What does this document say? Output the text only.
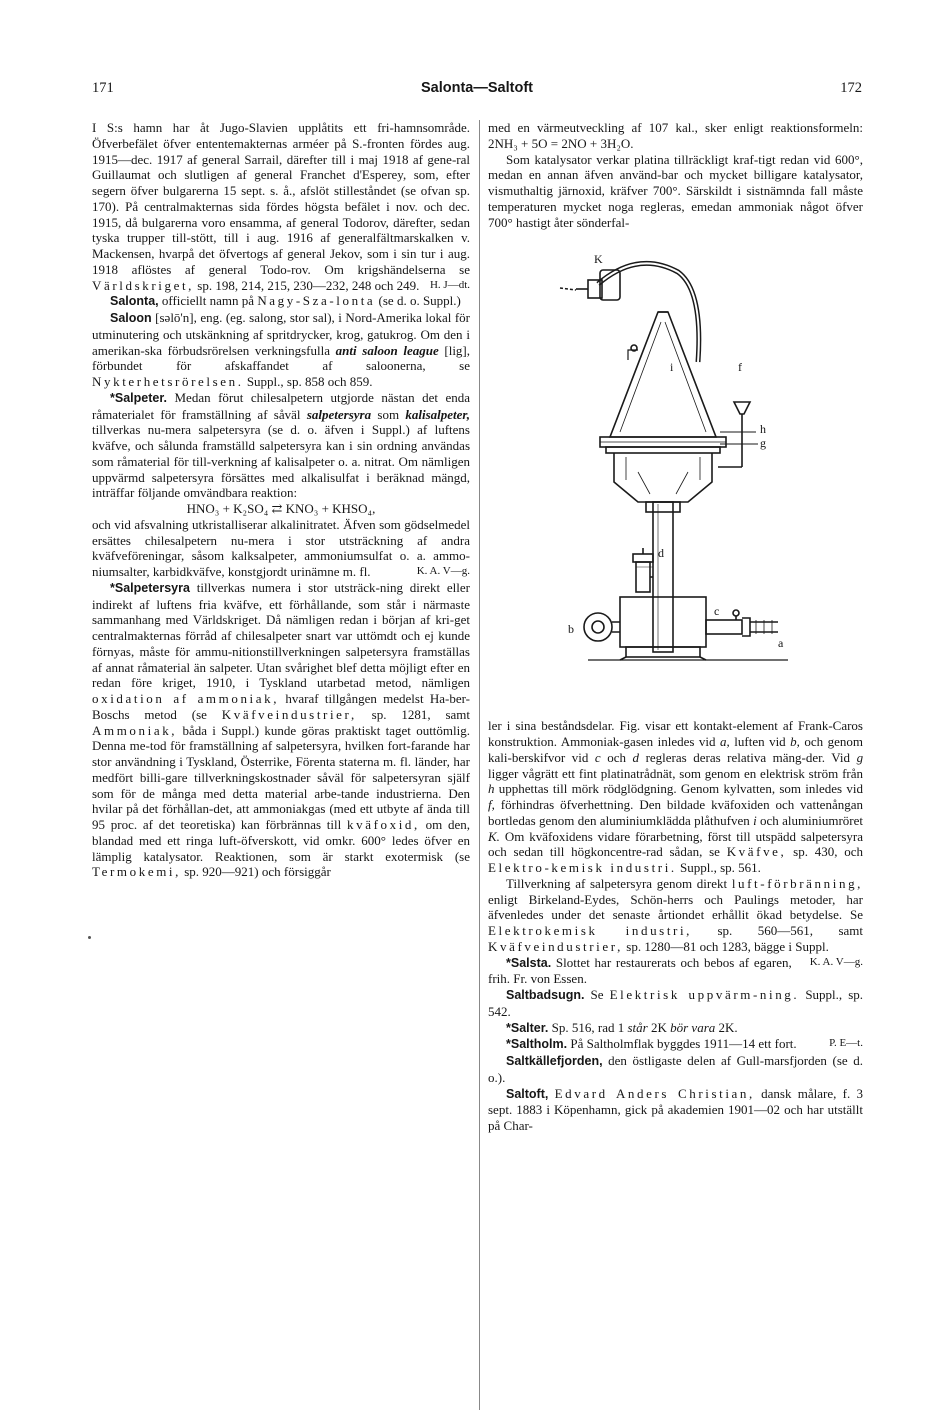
171	Salonta—Saltoft	172

I S:s hamn har åt Jugo-Slavien upplåtits ett fri-hamnsområde. Öfverbefälet öfver ententemakternas arméer på S.-fronten fördes aug. 1915—dec. 1917 af general Sarrail, därefter till i maj 1918 af gene-ral Guillaumat och slutligen af general Franchet d'Esperey, som, efter segern öfver bulgarerna 15 sept. s. å., afslöt stilleståndet (se ofvan sp. 170). På centralmakternas sida fördes högsta befälet i nov. och dec. 1915, då bulgarerna voro ensamma, af general Todorov, därefter, sedan tyska trupper till-stött, till i aug. 1916 af generalfältmarskalken v. Mackensen, hvarpå det öfvertogs af general Jekov, som i sin tur i aug. 1918 aflöstes af general Todo-rov. Om krigshändelserna se Världskriget, sp. 198, 214, 215, 230—232, 248 och 249. H. J—dt.

Salonta, officiellt namn på Nagy-Sza-lonta (se d. o. Suppl.)

Saloon [sәlō'n], eng. (eg. salong, stor sal), i Nord-Amerika lokal för utminutering och utskänkning af spritdrycker, krog, gatukrog. Om den i amerikan-ska förbudsrörelsen verkningsfulla anti saloon league [lig], förbundet för afskaffandet af saloonerna, se Nykterhetsrörelsen. Suppl., sp. 858 och 859.

*Salpeter. Medan förut chilesalpetern utgjorde nästan det enda råmaterialet för framställning af såväl salpetersyra som kalisalpeter, tillverkas nu-mera salpetersyra (se d. o. äfven i Suppl.) af luftens kväfve, och sålunda framställd salpetersyra kan i sin ordning användas som råmaterial för till-verkning af kalisalpeter o. a. nitrat. Om nämligen uppvärmd salpetersyra försättes med alkalisulfat i beräknad mängd, inträffar följande omvändbara reaktion:

HNO₃ + K₂SO₄ ⇄ KNO₃ + KHSO₄,

och vid afsvalning utkristalliserar alkalinitratet. Äfven som gödselmedel ersättes chilesalpetern nu-mera i stor utsträckning af andra kväfveföreningar, såsom kalksalpeter, ammoniumsulfat o. a. ammo-niumsalter, karbidkväfve, konstgjordt urinämne m. fl.	K. A. V—g.

*Salpetersyra tillverkas numera i stor utsträck-ning direkt eller indirekt af luftens fria kväfve, ett förhållande, som står i närmaste sammanhang med Världskriget. Då nämligen redan i början af kri-get centralmakternas förråd af chilesalpeter snart var uttömdt och ej kunde förnyas, måste för ammu-nitionstillverkningen salpetersyra framställas af annat råmaterial än salpeter. Utan svårighet blef detta möjligt efter en redan före kriget, 1910, i Tyskland utarbetad metod, nämligen oxidation af ammoniak, hvaraf tillgången medelst Ha-ber-Boschs metod (se Kväfveindustrier, sp. 1281, samt Ammoniak, båda i Suppl.) kunde göras praktiskt taget outtömlig. Denna me-tod för framställning af salpetersyra, hvilken fort-farande har stor användning i Tyskland, Österrike, Förenta staterna m. fl. länder, har medfört billi-gare tillverkningskostnader såväl för salpetersyran själf som för de många med detta material arbe-tande industrierna. Den hvilar på det förhållan-det, att ammoniakgas (med ett utbyte af ända till 95 proc. af det teoretiska) kan förbrännas till kväfoxid, om den, blandad med ett ringa luft-öfverskott, vid omkr. 600° ledes öfver en lämplig katalysator. Reaktionen, som är starkt exotermisk (se Termokemi, sp. 920—921) och försiggår

med en värmeutveckling af 107 kal., sker enligt reaktionsformeln: 2NH₃ + 5O = 2NO + 3H₂O.

Som katalysator verkar platina tillräckligt kraf-tigt redan vid 600°, medan en annan äfven använd-bar och mycket billigare katalysator, vismuthaltig järnoxid, kräfver 700°. Särskildt i sistnämnda fall måste temperaturen mycket noga regleras, emedan ammoniak något öfver 700° hastigt åter sönderfal-

K
i	f
h
g
d
b
c
a

ler i sina beståndsdelar. Fig. visar ett kontakt-element af Frank-Caros konstruktion. Ammoniak-gasen inledes vid a, luften vid b, och genom kali-berskifvor vid c och d regleras deras relativa mäng-der. Vid g ligger vågrätt ett fint platinatrådnät, som genom en elektrisk ström från h upphettas till mörk rödglödgning. Genom kylvatten, som inledes vid f, förhindras öfverhettning. Den bildade kväfoxiden och vattenångan bortledas genom den aluminiumklädda plåthufven i och aluminiumröret K. Om kväfoxidens vidare förarbetning, först till utspädd salpetersyra och sedan till högkoncentre-rad sådan, se Kväfve, sp. 430, och Elektro-kemisk industri. Suppl., sp. 561.

Tillverkning af salpetersyra genom direkt luft-förbränning, enligt Birkeland-Eydes, Schön-herrs och Paulings metoder, har äfvenledes under det senaste årtiondet erhållit ökad betydelse. Se Elektrokemisk industri, sp. 560—561, samt Kväfveindustrier, sp. 1280—81 och 1283, bägge i Suppl.
K. A. V—g.

*Salsta. Slottet har restaurerats och bebos af egaren, frih. Fr. von Essen.

Saltbadsugn. Se Elektrisk uppvärm-ning. Suppl., sp. 542.

*Salter. Sp. 516, rad 1 står 2K bör vara 2K.

*Saltholm. På Saltholmflak byggdes 1911—14 ett fort.	P. E—t.

Saltkällefjorden, den östligaste delen af Gull-marsfjorden (se d. o.).

Saltoft, Edvard Anders Christian, dansk målare, f. 3 sept. 1883 i Köpenhamn, gick på akademien 1901—02 och har utställt på Char-
